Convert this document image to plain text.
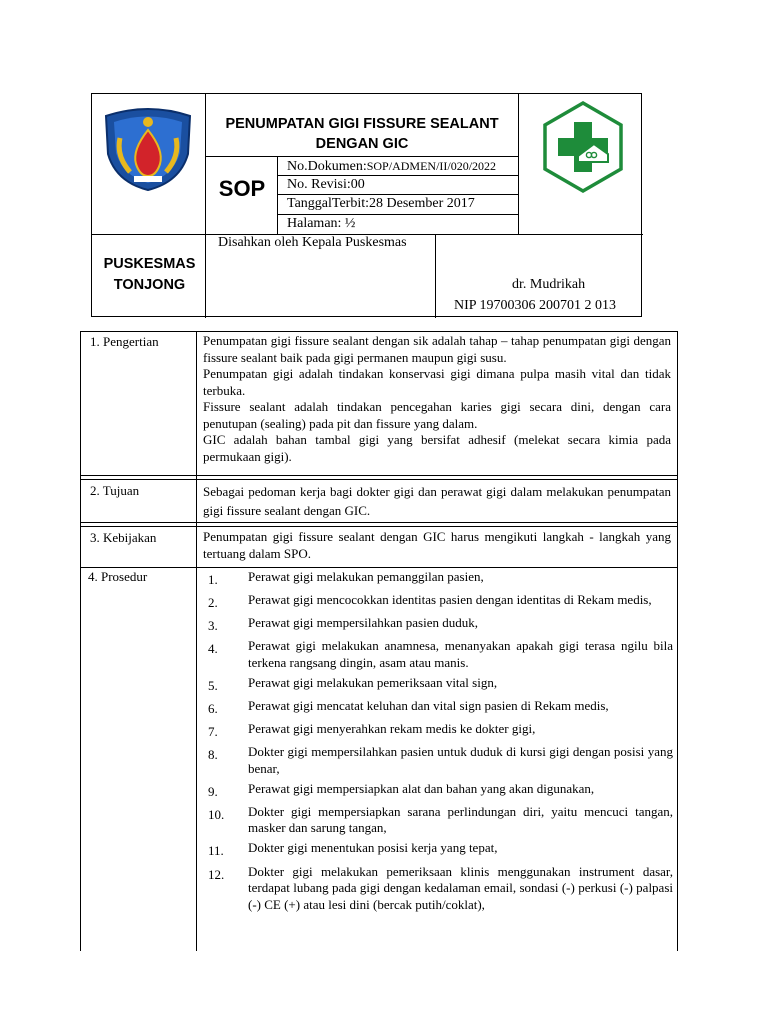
PENUMPATAN GIGI FISSURE SEALANT
DENGAN GIC
SOP
No.Dokumen:SOP/ADMEN/II/020/2022
No. Revisi:00
TanggalTerbit:28 Desember 2017
Halaman: ½
PUSKESMAS
TONJONG
Disahkan oleh Kepala Puskesmas
dr. Mudrikah
NIP 19700306 200701 2 013
1. Pengertian	Penumpatan gigi fissure sealant dengan sik adalah tahap – tahap penumpatan gigi dengan fissure sealant baik pada gigi permanen maupun gigi susu.

Penumpatan gigi adalah tindakan konservasi gigi dimana pulpa masih vital dan tidak terbuka.

Fissure sealant adalah tindakan pencegahan karies gigi secara dini, dengan cara penutupan (sealing) pada pit dan fissure yang dalam.

GIC adalah bahan tambal gigi yang bersifat adhesif (melekat secara kimia pada permukaan gigi).

2. Tujuan	Sebagai pedoman kerja bagi dokter gigi dan perawat gigi dalam melakukan penumpatan gigi fissure sealant dengan GIC.
3. Kebijakan	Penumpatan gigi fissure sealant dengan GIC harus mengikuti langkah - langkah yang tertuang dalam SPO.
4. Prosedur	1.	Perawat gigi melakukan pemanggilan pasien,
2.	Perawat gigi mencocokkan identitas pasien dengan identitas di Rekam medis,
3.	Perawat gigi mempersilahkan pasien duduk,
4.	Perawat gigi melakukan anamnesa, menanyakan apakah gigi terasa ngilu bila terkena rangsang dingin, asam atau manis.
5.	Perawat gigi melakukan pemeriksaan vital sign,
6.	Perawat gigi mencatat keluhan dan vital sign pasien di Rekam medis,
7.	Perawat gigi menyerahkan rekam medis ke dokter gigi,
8.	Dokter gigi mempersilahkan pasien untuk duduk di kursi gigi dengan posisi yang benar,
9.	Perawat gigi mempersiapkan alat dan bahan yang akan digunakan,
10.	Dokter gigi mempersiapkan sarana perlindungan diri, yaitu mencuci tangan, masker dan sarung tangan,
11.	Dokter gigi menentukan posisi kerja yang tepat,
12.	Dokter gigi melakukan pemeriksaan klinis menggunakan instrument dasar, terdapat lubang pada gigi dengan kedalaman email, sondasi (-) perkusi (-) palpasi (-) CE (+) atau lesi dini (bercak putih/coklat),
